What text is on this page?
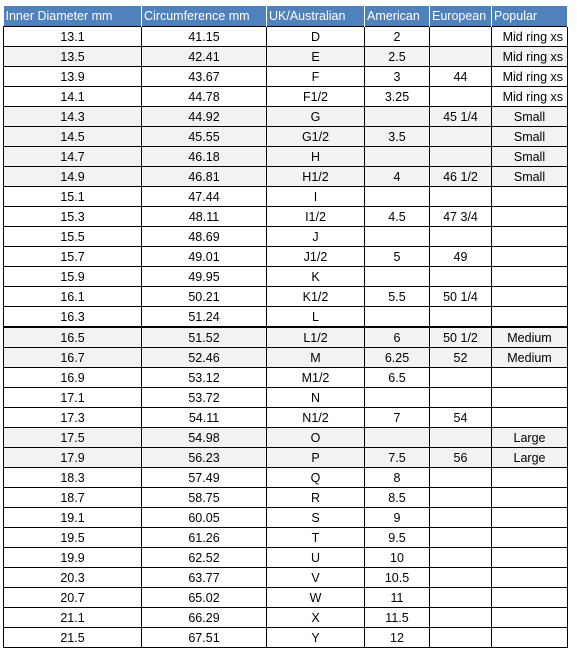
Inner Diameter mm	Circumference mm	UK/Australian	American	European	Popular
13.1	41.15	D	2		Mid ring xs
13.5	42.41	E	2.5		Mid ring xs
13.9	43.67	F	3	44	Mid ring xs
14.1	44.78	F1/2	3.25		Mid ring xs
14.3	44.92	G		45 1/4	Small
14.5	45.55	G1/2	3.5		Small
14.7	46.18	H			Small
14.9	46.81	H1/2	4	46 1/2	Small
15.1	47.44	I			
15.3	48.11	I1/2	4.5	47 3/4	
15.5	48.69	J			
15.7	49.01	J1/2	5	49	
15.9	49.95	K			
16.1	50.21	K1/2	5.5	50 1/4	
16.3	51.24	L			
16.5	51.52	L1/2	6	50 1/2	Medium
16.7	52.46	M	6.25	52	Medium
16.9	53.12	M1/2	6.5		
17.1	53.72	N			
17.3	54.11	N1/2	7	54	
17.5	54.98	O			Large
17.9	56.23	P	7.5	56	Large
18.3	57.49	Q	8		
18.7	58.75	R	8.5		
19.1	60.05	S	9		
19.5	61.26	T	9.5		
19.9	62.52	U	10		
20.3	63.77	V	10.5		
20.7	65.02	W	11		
21.1	66.29	X	11.5		
21.5	67.51	Y	12		
